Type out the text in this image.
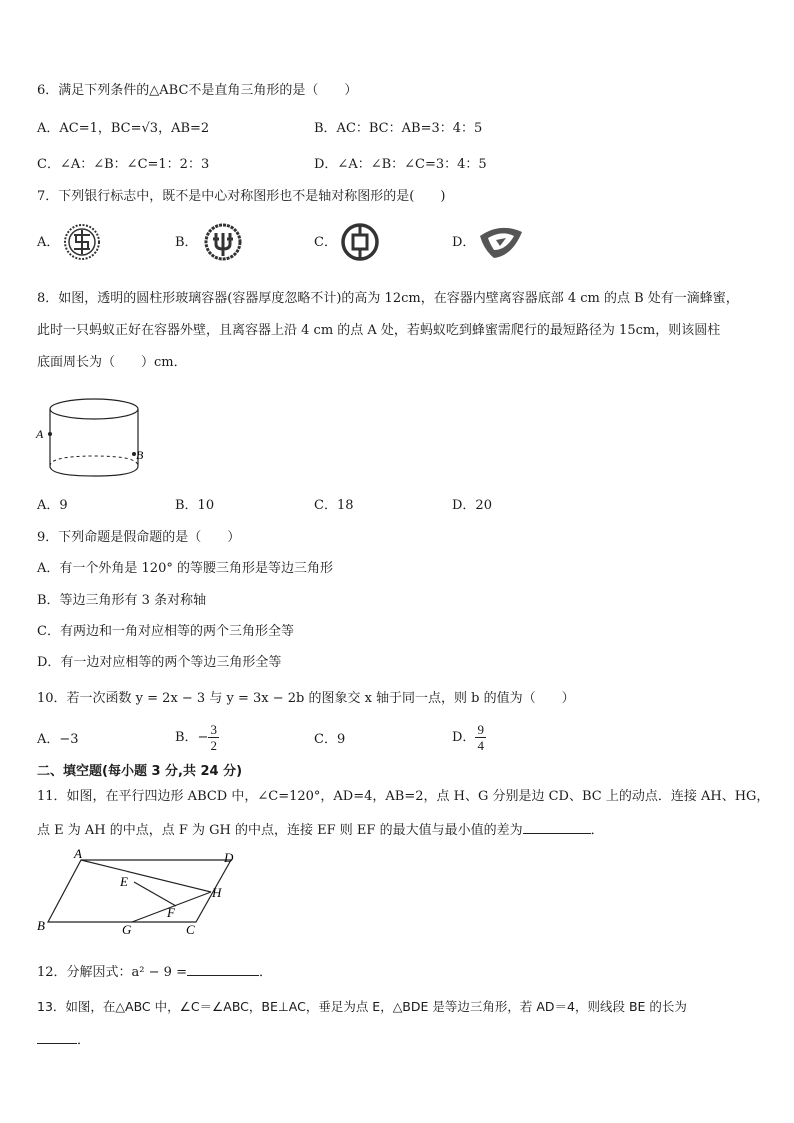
6．满足下列条件的△ABC不是直角三角形的是（　　）
A．AC=1，BC=√3，AB=2	B．AC：BC：AB=3：4：5
C．∠A：∠B：∠C=1：2：3	D．∠A：∠B：∠C=3：4：5
7．下列银行标志中，既不是中心对称图形也不是轴对称图形的是(　　)
A．	B．	C．	D．
8．如图，透明的圆柱形玻璃容器(容器厚度忽略不计)的高为 12cm，在容器内壁离容器底部 4 cm 的点 B 处有一滴蜂蜜，
此时一只蚂蚁正好在容器外壁，且离容器上沿 4 cm 的点 A 处，若蚂蚁吃到蜂蜜需爬行的最短路径为 15cm，则该圆柱
底面周长为（　　）cm．
A
B
A．9	B．10	C．18	D．20
9．下列命题是假命题的是（　　）
A．有一个外角是 120° 的等腰三角形是等边三角形
B．等边三角形有 3 条对称轴
C．有两边和一角对应相等的两个三角形全等
D．有一边对应相等的两个等边三角形全等
10．若一次函数 y = 2x − 3 与 y = 3x − 2b 的图象交 x 轴于同一点，则 b 的值为（　　）
A．−3	B．− $\frac{3}{2}$	C．9	D． $\frac{9}{4}$
二、填空题(每小题 3 分,共 24 分)
11．如图，在平行四边形 ABCD 中，∠C=120°，AD=4，AB=2，点 H、G 分别是边 CD、BC 上的动点．连接 AH、HG，
点 E 为 AH 的中点，点 F 为 GH 的中点，连接 EF 则 EF 的最大值与最小值的差为	．
A	D
E
H
F
B	G	C
12．分解因式：a² − 9 =	．
13．如图，在△ABC 中，∠C＝∠ABC，BE⊥AC，垂足为点 E，△BDE 是等边三角形，若 AD＝4，则线段 BE 的长为
．
